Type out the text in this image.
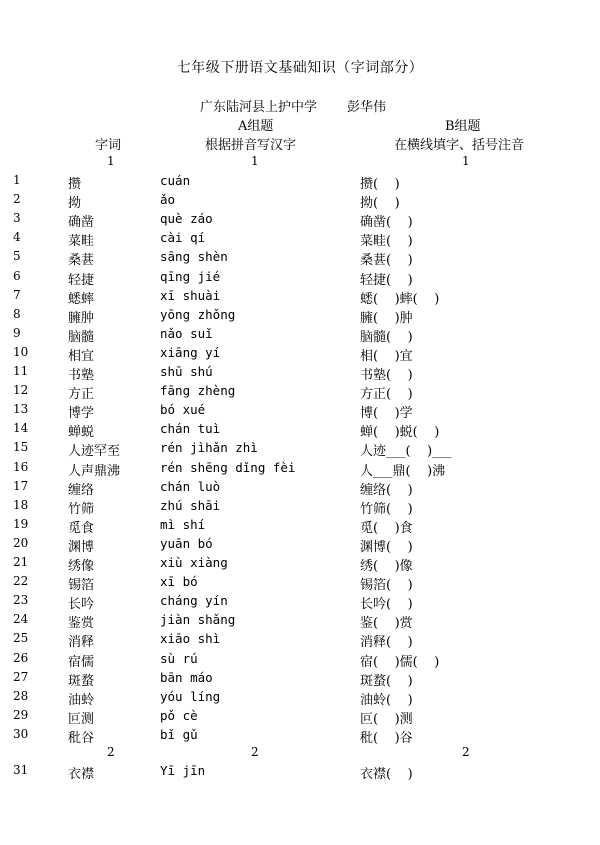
七年级下册语文基础知识（字词部分）
广东陆河县上护中学 彭华伟
A组题	B组题
字词	根据拼音写汉字	在横线填字、括号注音
1	1	1
1	攒	cuán	攒(    )
2	拗	ǎo	拗(    )
3	确凿	què záo	确凿(    )
4	菜畦	cài qí	菜畦(    )
5	桑葚	sāng shèn	桑葚(    )
6	轻捷	qīng jié	轻捷(    )
7	蟋蟀	xī shuài	蟋(    )蟀(    )
8	臃肿	yōng zhǒng	臃(    )肿
9	脑髓	nǎo suǐ	脑髓(    )
10	相宜	xiāng yí	相(    )宜
11	书塾	shū shú	书塾(    )
12	方正	fāng zhèng	方正(    )
13	博学	bó xué	博(    )学
14	蝉蜕	chán tuì	蝉(    )蜕(    )
15	人迹罕至	rén jìhǎn zhì	人迹___(    )___
16	人声鼎沸	rén shēng dǐng fèi	人___鼎(    )沸
17	缠络	chán luò	缠络(    )
18	竹筛	zhú shāi	竹筛(    )
19	觅食	mì shí	觅(    )食
20	渊博	yuān bó	渊博(    )
21	绣像	xiù xiàng	绣(    )像
22	锡箔	xī bó	锡箔(    )
23	长吟	cháng yín	长吟(    )
24	鉴赏	jiàn shǎng	鉴(    )赏
25	消释	xiāo shì	消释(    )
26	宿儒	sù rú	宿(    )儒(    )
27	斑蝥	bān máo	斑蝥(    )
28	油蛉	yóu líng	油蛉(    )
29	叵测	pǒ cè	叵(    )测
30	秕谷	bǐ gǔ	秕(    )谷
31	衣襟	Yī jīn	衣襟(    )
2	2	2
